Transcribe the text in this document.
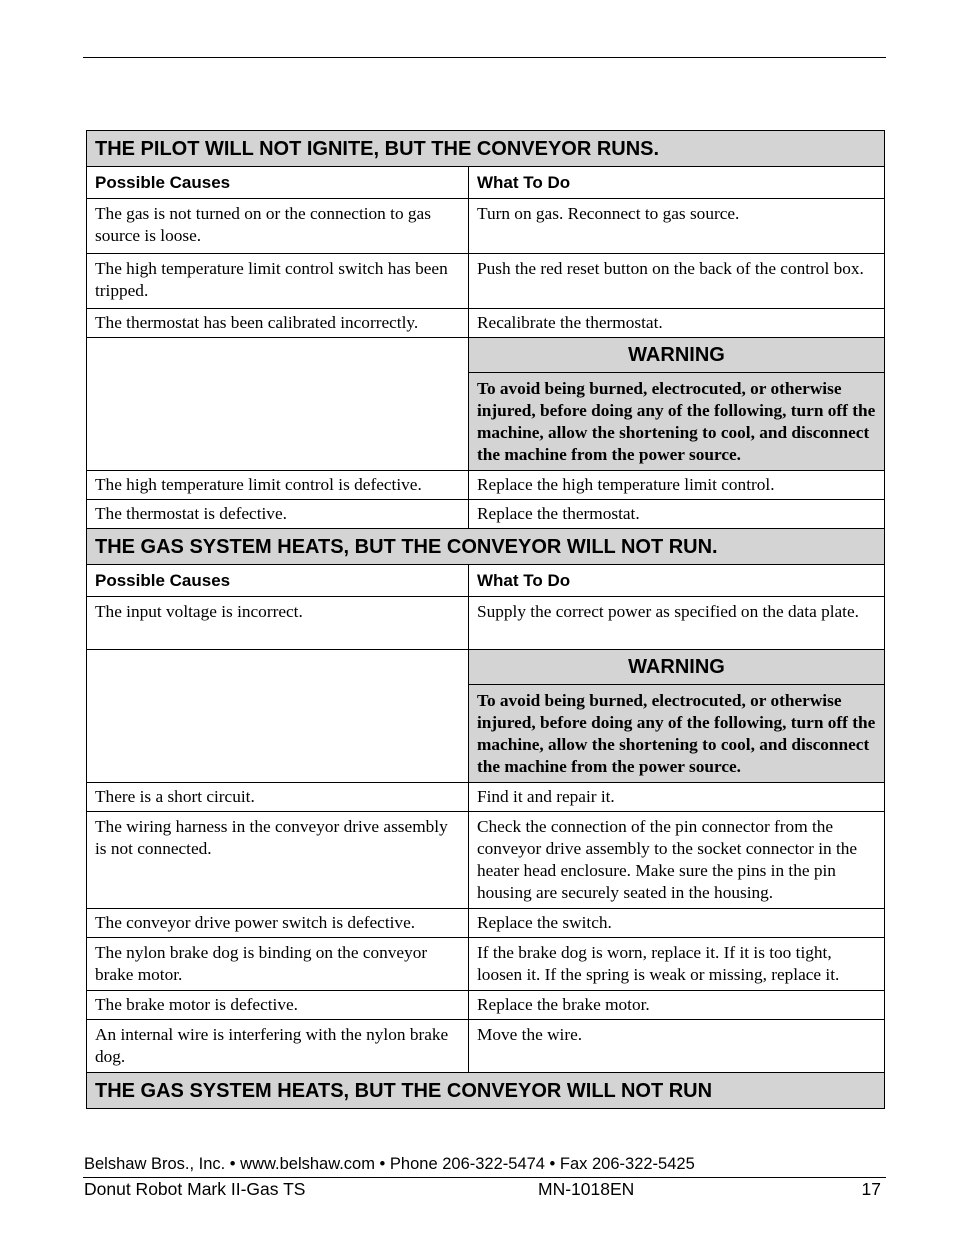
THE PILOT WILL NOT IGNITE, BUT THE CONVEYOR RUNS.	
Possible Causes	What To Do
The gas is not turned on or the connection to gas source is loose.	Turn on gas. Reconnect to gas source.
The high temperature limit control switch has been tripped.	Push the red reset button on the back of the control box.
The thermostat has been calibrated incorrectly.	Recalibrate the thermostat.
	WARNING
	To avoid being burned, electrocuted, or otherwise injured, before doing any of the following, turn off the machine, allow the shortening to cool, and disconnect the machine from the power source.
The high temperature limit control is defective.	Replace the high temperature limit control.
The thermostat is defective.	Replace the thermostat.
THE GAS SYSTEM HEATS, BUT THE CONVEYOR WILL NOT RUN.	
Possible Causes	What To Do
The input voltage is incorrect.	Supply the correct power as specified on the data plate.
	WARNING
	To avoid being burned, electrocuted, or otherwise injured, before doing any of the following, turn off the machine, allow the shortening to cool, and disconnect the machine from the power source.
There is a short circuit.	Find it and repair it.
The wiring harness in the conveyor drive assembly is not connected.	Check the connection of the pin connector from the conveyor drive assembly to the socket connector in the heater head enclosure. Make sure the pins in the pin housing are securely seated in the housing.
The conveyor drive power switch is defective.	Replace the switch.
The nylon brake dog is binding on the conveyor brake motor.	If the brake dog is worn, replace it. If it is too tight, loosen it. If the spring is weak or missing, replace it.
The brake motor is defective.	Replace the brake motor.
An internal wire is interfering with the nylon brake dog.	Move the wire.
THE GAS SYSTEM HEATS, BUT THE CONVEYOR WILL NOT RUN	
Belshaw Bros., Inc. • www.belshaw.com • Phone 206-322-5474 • Fax 206-322-5425
Donut Robot Mark II-Gas TS	MN-1018EN	17
